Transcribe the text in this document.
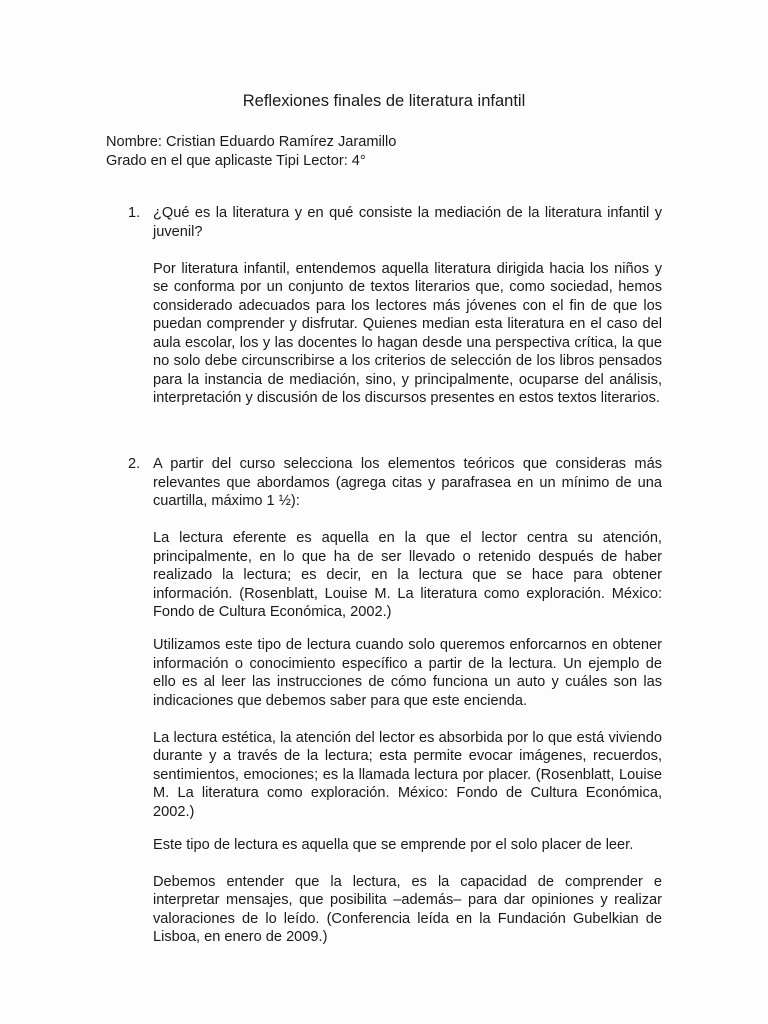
Reflexiones finales de literatura infantil
Nombre: Cristian Eduardo Ramírez Jaramillo
Grado en el que aplicaste Tipi Lector: 4°
1. ¿Qué es la literatura y en qué consiste la mediación de la literatura infantil y juvenil?

Por literatura infantil, entendemos aquella literatura dirigida hacia los niños y se conforma por un conjunto de textos literarios que, como sociedad, hemos considerado adecuados para los lectores más jóvenes con el fin de que los puedan comprender y disfrutar. Quienes median esta literatura en el caso del aula escolar, los y las docentes lo hagan desde una perspectiva crítica, la que no solo debe circunscribirse a los criterios de selección de los libros pensados para la instancia de mediación, sino, y principalmente, ocuparse del análisis, interpretación y discusión de los discursos presentes en estos textos literarios.

2. A partir del curso selecciona los elementos teóricos que consideras más relevantes que abordamos (agrega citas y parafrasea en un mínimo de una cuartilla, máximo 1 ½):

La lectura eferente es aquella en la que el lector centra su atención, principalmente, en lo que ha de ser llevado o retenido después de haber realizado la lectura; es decir, en la lectura que se hace para obtener información. (Rosenblatt, Louise M. La literatura como exploración. México: Fondo de Cultura Económica, 2002.)

Utilizamos este tipo de lectura cuando solo queremos enforcarnos en obtener información o conocimiento específico a partir de la lectura. Un ejemplo de ello es al leer las instrucciones de cómo funciona un auto y cuáles son las indicaciones que debemos saber para que este encienda.

La lectura estética, la atención del lector es absorbida por lo que está viviendo durante y a través de la lectura; esta permite evocar imágenes, recuerdos, sentimientos, emociones; es la llamada lectura por placer. (Rosenblatt, Louise M. La literatura como exploración. México: Fondo de Cultura Económica, 2002.)

Este tipo de lectura es aquella que se emprende por el solo placer de leer.

Debemos entender que la lectura, es la capacidad de comprender e interpretar mensajes, que posibilita –además– para dar opiniones y realizar valoraciones de lo leído. (Conferencia leída en la Fundación Gubelkian de Lisboa, en enero de 2009.)
